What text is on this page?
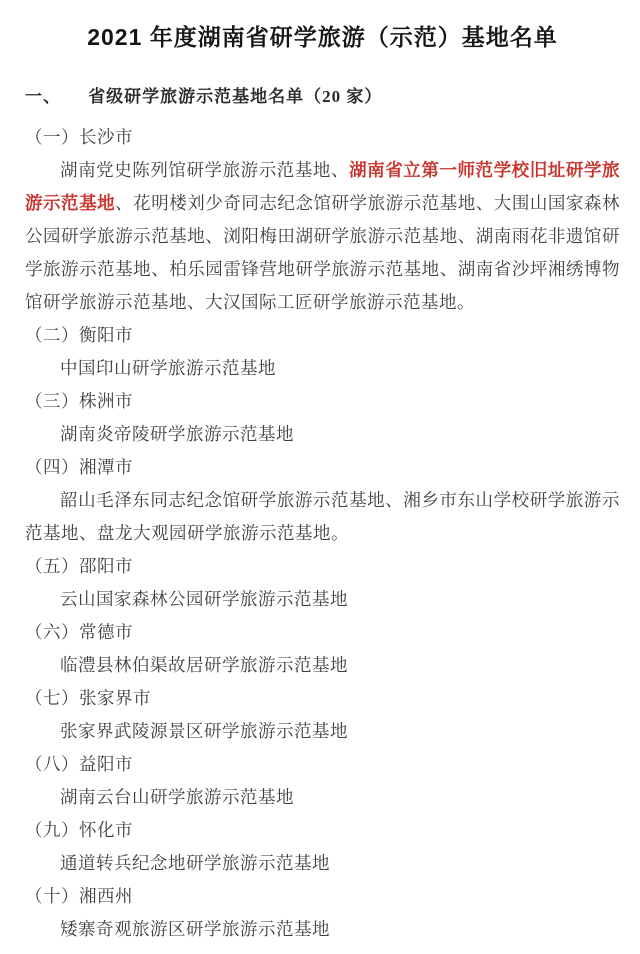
2021 年度湖南省研学旅游（示范）基地名单
一、 省级研学旅游示范基地名单（20 家）

（一）长沙市

湖南党史陈列馆研学旅游示范基地、湖南省立第一师范学校旧址研学旅游示范基地、花明楼刘少奇同志纪念馆研学旅游示范基地、大围山国家森林公园研学旅游示范基地、浏阳梅田湖研学旅游示范基地、湖南雨花非遗馆研学旅游示范基地、柏乐园雷锋营地研学旅游示范基地、湖南省沙坪湘绣博物馆研学旅游示范基地、大汉国际工匠研学旅游示范基地。

（二）衡阳市

中国印山研学旅游示范基地

（三）株洲市

湖南炎帝陵研学旅游示范基地

（四）湘潭市

韶山毛泽东同志纪念馆研学旅游示范基地、湘乡市东山学校研学旅游示范基地、盘龙大观园研学旅游示范基地。

（五）邵阳市

云山国家森林公园研学旅游示范基地

（六）常德市

临澧县林伯渠故居研学旅游示范基地

（七）张家界市

张家界武陵源景区研学旅游示范基地

（八）益阳市

湖南云台山研学旅游示范基地

（九）怀化市

通道转兵纪念地研学旅游示范基地

（十）湘西州

矮寨奇观旅游区研学旅游示范基地
